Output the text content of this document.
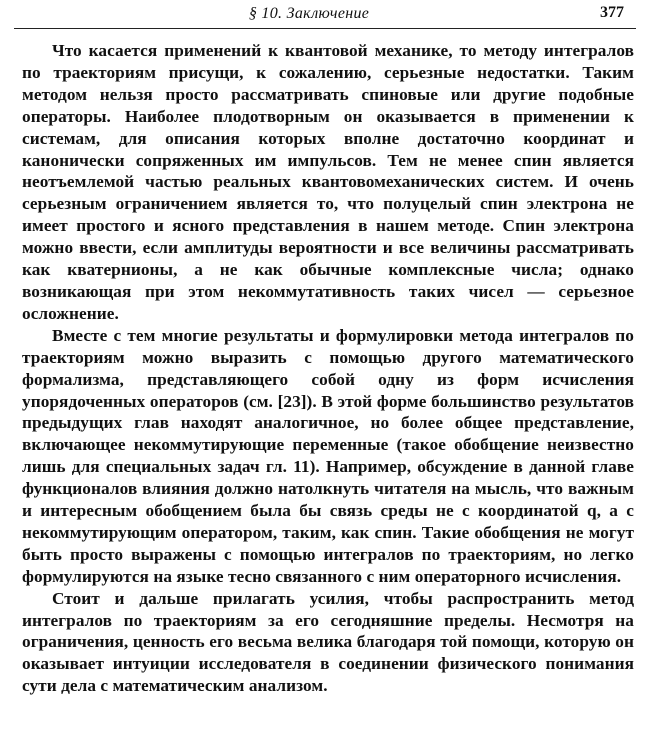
§ 10. Заключение	377

Что касается применений к квантовой механике, то методу интегралов по траекториям присущи, к сожалению, серьезные недостатки. Таким методом нельзя просто рассматривать спиновые или другие подобные операторы. Наиболее плодотворным он оказывается в применении к системам, для описания которых вполне достаточно координат и канонически сопряженных им импульсов. Тем не менее спин является неотъемлемой частью реальных квантовомеханических систем. И очень серьезным ограничением является то, что полуцелый спин электрона не имеет простого и ясного представления в нашем методе. Спин электрона можно ввести, если амплитуды вероятности и все величины рассматривать как кватернионы, а не как обычные комплексные числа; однако возникающая при этом некоммутативность таких чисел — серьезное осложнение.

Вместе с тем многие результаты и формулировки метода интегралов по траекториям можно выразить с помощью другого математического формализма, представляющего собой одну из форм исчисления упорядоченных операторов (см. [23]). В этой форме большинство результатов предыдущих глав находят аналогичное, но более общее представление, включающее некоммутирующие переменные (такое обобщение неизвестно лишь для специальных задач гл. 11). Например, обсуждение в данной главе функционалов влияния должно натолкнуть читателя на мысль, что важным и интересным обобщением была бы связь среды не с координатой q, а с некоммутирующим оператором, таким, как спин. Такие обобщения не могут быть просто выражены с помощью интегралов по траекториям, но легко формулируются на языке тесно связанного с ним операторного исчисления.

Стоит и дальше прилагать усилия, чтобы распространить метод интегралов по траекториям за его сегодняшние пределы. Несмотря на ограничения, ценность его весьма велика благодаря той помощи, которую он оказывает интуиции исследователя в соединении физического понимания сути дела с математическим анализом.
